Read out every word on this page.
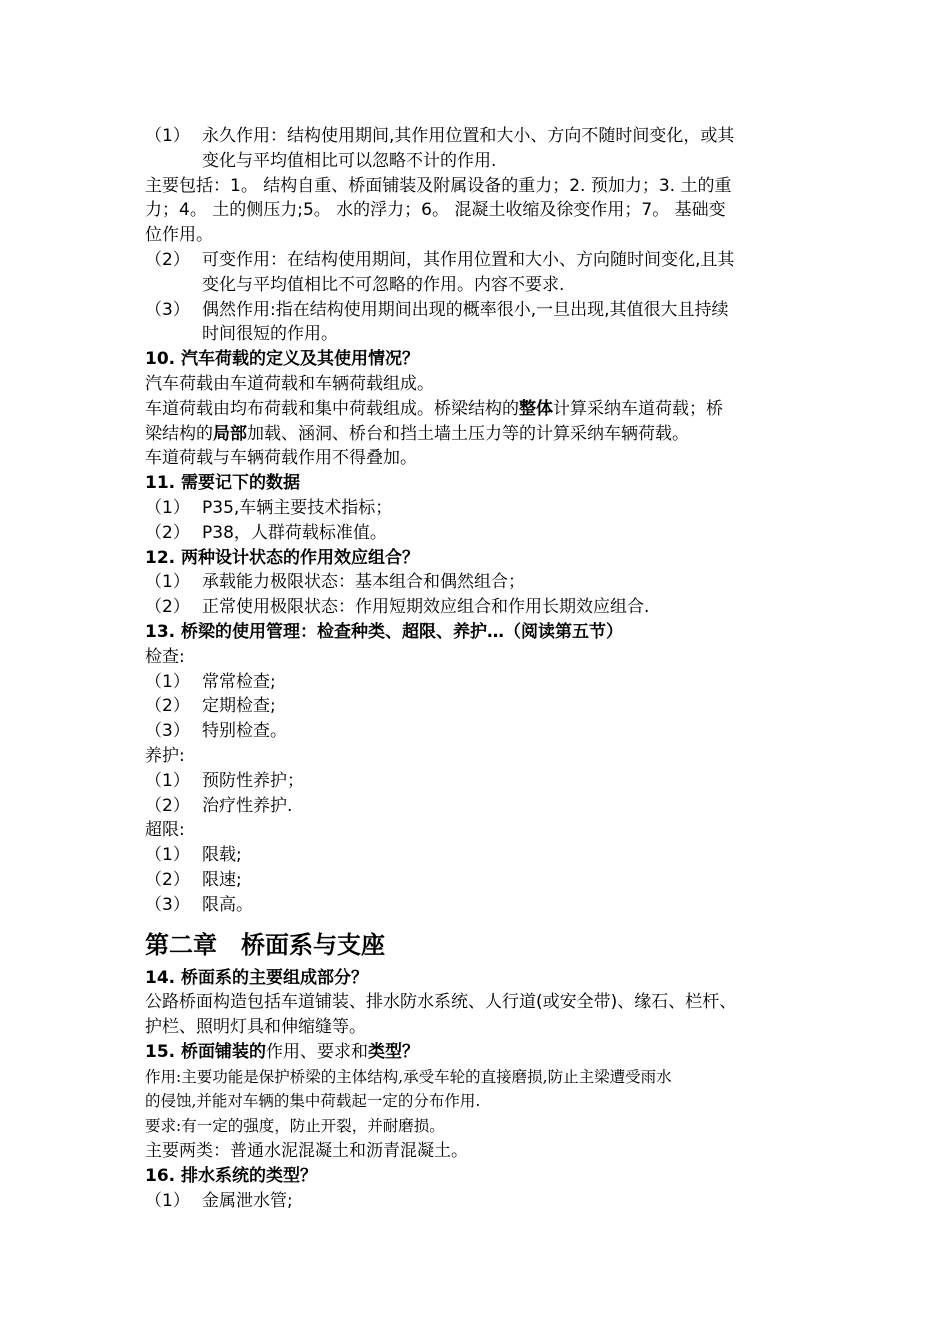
（1） 永久作用：结构使用期间,其作用位置和大小、方向不随时间变化，或其
变化与平均值相比可以忽略不计的作用.
主要包括：1。 结构自重、桥面铺装及附属设备的重力；2. 预加力；3. 土的重
力；4。 土的侧压力;5。 水的浮力；6。 混凝土收缩及徐变作用；7。 基础变
位作用。
（2） 可变作用：在结构使用期间，其作用位置和大小、方向随时间变化,且其
变化与平均值相比不可忽略的作用。内容不要求.
（3） 偶然作用:指在结构使用期间出现的概率很小,一旦出现,其值很大且持续
时间很短的作用。
10. 汽车荷载的定义及其使用情况？
汽车荷载由车道荷载和车辆荷载组成。
车道荷载由均布荷载和集中荷载组成。桥梁结构的整体计算采纳车道荷载；桥
梁结构的局部加载、涵洞、桥台和挡土墙土压力等的计算采纳车辆荷载。
车道荷载与车辆荷载作用不得叠加。
11. 需要记下的数据
（1） P35,车辆主要技术指标；
（2） P38，人群荷载标准值。
12. 两种设计状态的作用效应组合？
（1） 承载能力极限状态：基本组合和偶然组合；
（2） 正常使用极限状态：作用短期效应组合和作用长期效应组合.
13. 桥梁的使用管理：检查种类、超限、养护…（阅读第五节）
检查:
（1） 常常检查;
（2） 定期检查;
（3） 特别检查。
养护:
（1） 预防性养护；
（2） 治疗性养护.
超限:
（1） 限载;
（2） 限速;
（3） 限高。
第二章　桥面系与支座
14. 桥面系的主要组成部分？
公路桥面构造包括车道铺装、排水防水系统、人行道(或安全带)、缘石、栏杆、
护栏、照明灯具和伸缩缝等。
15. 桥面铺装的作用、要求和类型？
作用:主要功能是保护桥梁的主体结构,承受车轮的直接磨损,防止主梁遭受雨水
的侵蚀,并能对车辆的集中荷载起一定的分布作用.
要求:有一定的强度，防止开裂，并耐磨损。
主要两类：普通水泥混凝土和沥青混凝土。
16. 排水系统的类型？
（1） 金属泄水管;
